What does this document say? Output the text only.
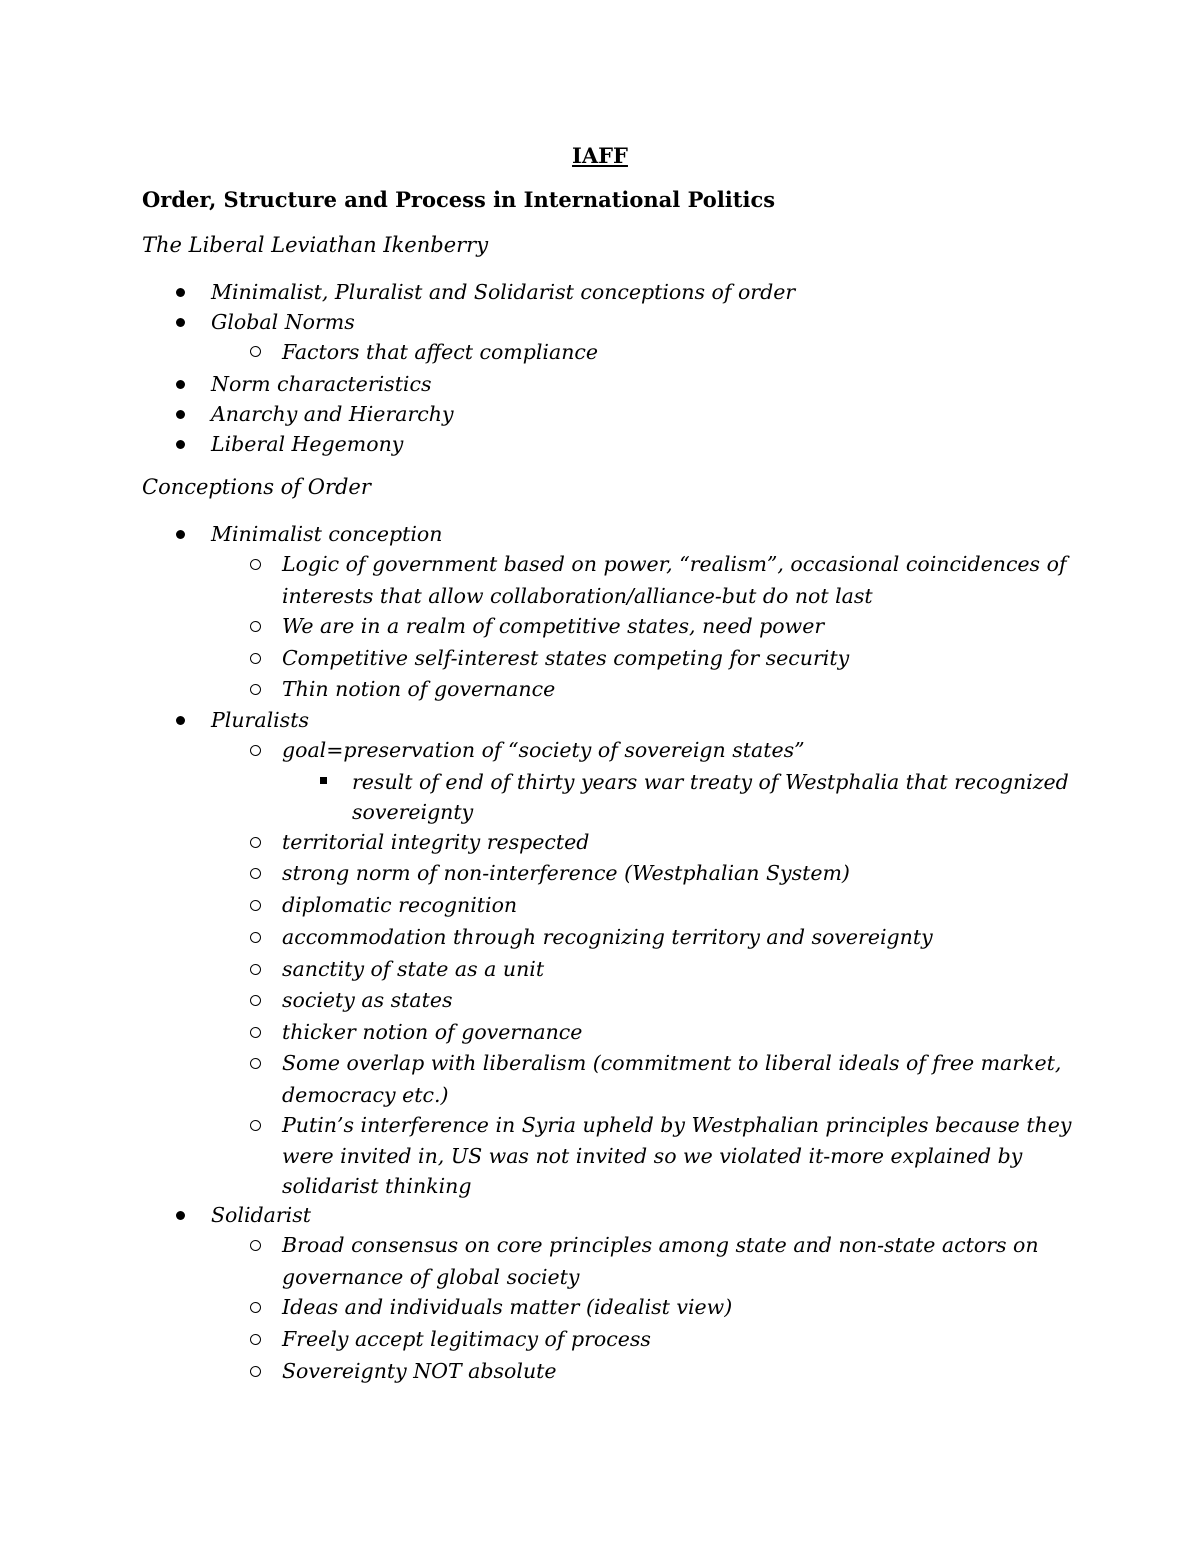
IAFF
Order, Structure and Process in International Politics
The Liberal Leviathan Ikenberry
Minimalist, Pluralist and Solidarist conceptions of order
Global Norms
Factors that affect compliance
Norm characteristics
Anarchy and Hierarchy
Liberal Hegemony
Conceptions of Order
Minimalist conception
Logic of government based on power, “realism”, occasional coincidences of
interests that allow collaboration/alliance-but do not last
We are in a realm of competitive states, need power
Competitive self-interest states competing for security
Thin notion of governance
Pluralists
goal=preservation of “society of sovereign states”
result of end of thirty years war treaty of Westphalia that recognized
sovereignty
territorial integrity respected
strong norm of non-interference (Westphalian System)
diplomatic recognition
accommodation through recognizing territory and sovereignty
sanctity of state as a unit
society as states
thicker notion of governance
Some overlap with liberalism (commitment to liberal ideals of free market,
democracy etc.)
Putin’s interference in Syria upheld by Westphalian principles because they
were invited in, US was not invited so we violated it-more explained by
solidarist thinking
Solidarist
Broad consensus on core principles among state and non-state actors on
governance of global society
Ideas and individuals matter (idealist view)
Freely accept legitimacy of process
Sovereignty NOT absolute
